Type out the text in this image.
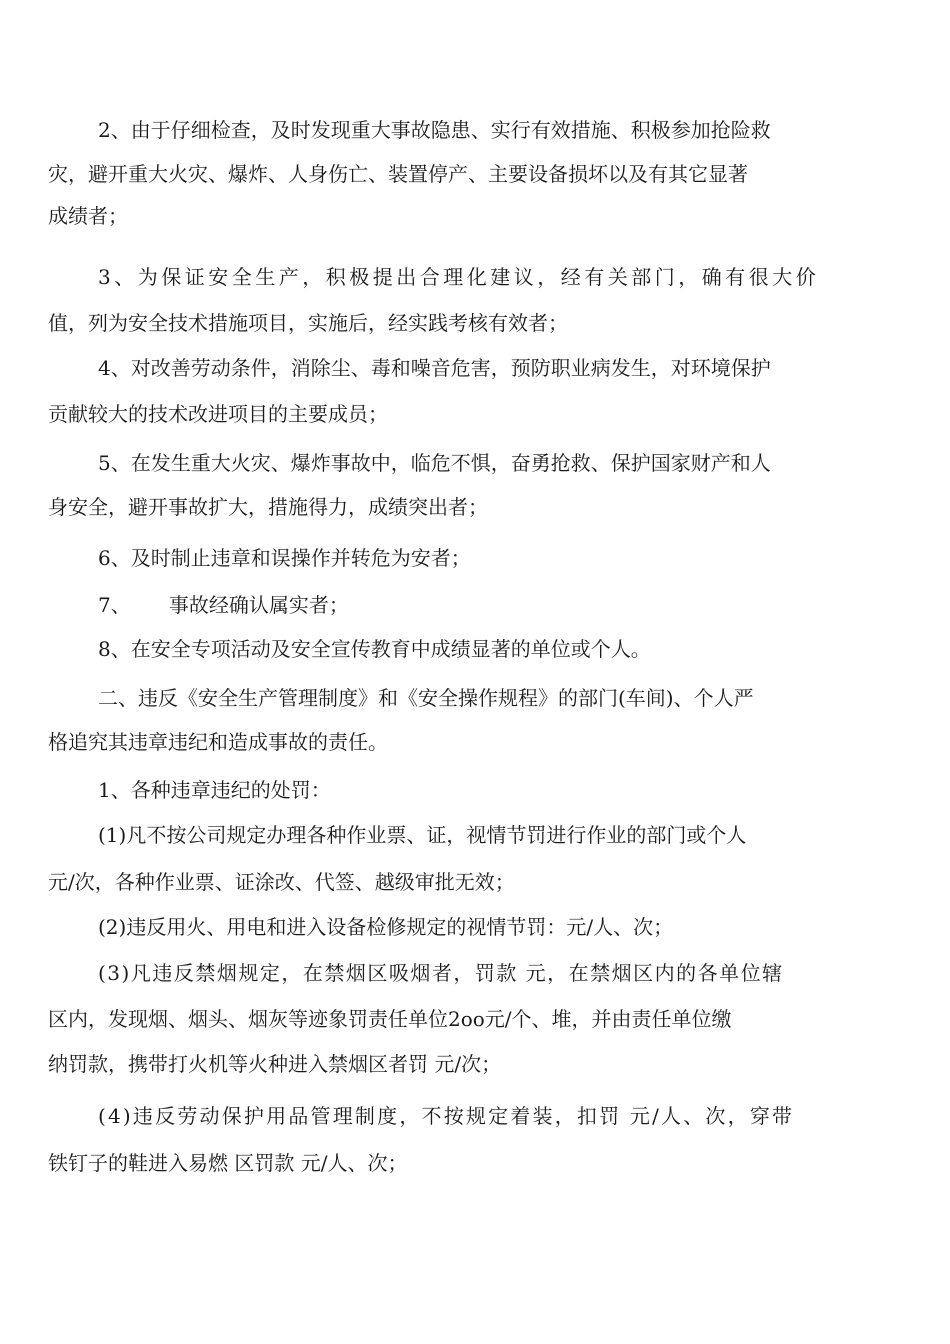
2、由于仔细检查，及时发现重大事故隐患、实行有效措施、积极参加抢险救
灾，避开重大火灾、爆炸、人身伤亡、装置停产、主要设备损坏以及有其它显著
成绩者；
3、为保证安全生产，积极提出合理化建议，经有关部门，确有很大价
值，列为安全技术措施项目，实施后，经实践考核有效者；
4、对改善劳动条件，消除尘、毒和噪音危害，预防职业病发生，对环境保护
贡献较大的技术改进项目的主要成员；
5、在发生重大火灾、爆炸事故中，临危不惧，奋勇抢救、保护国家财产和人
身安全，避开事故扩大，措施得力，成绩突出者；
6、及时制止违章和误操作并转危为安者；
7、      事故经确认属实者；
8、在安全专项活动及安全宣传教育中成绩显著的单位或个人。
二、违反《安全生产管理制度》和《安全操作规程》的部门(车间)、个人严
格追究其违章违纪和造成事故的责任。
1、各种违章违纪的处罚：
(1)凡不按公司规定办理各种作业票、证，视情节罚进行作业的部门或个人
元/次，各种作业票、证涂改、代签、越级审批无效；
(2)违反用火、用电和进入设备检修规定的视情节罚：元/人、次；
(3)凡违反禁烟规定，在禁烟区吸烟者，罚款 元，在禁烟区内的各单位辖
区内，发现烟、烟头、烟灰等迹象罚责任单位2oo元/个、堆，并由责任单位缴
纳罚款，携带打火机等火种进入禁烟区者罚 元/次；
(4)违反劳动保护用品管理制度，不按规定着装，扣罚 元/人、次，穿带
铁钉子的鞋进入易燃 区罚款 元/人、次；
